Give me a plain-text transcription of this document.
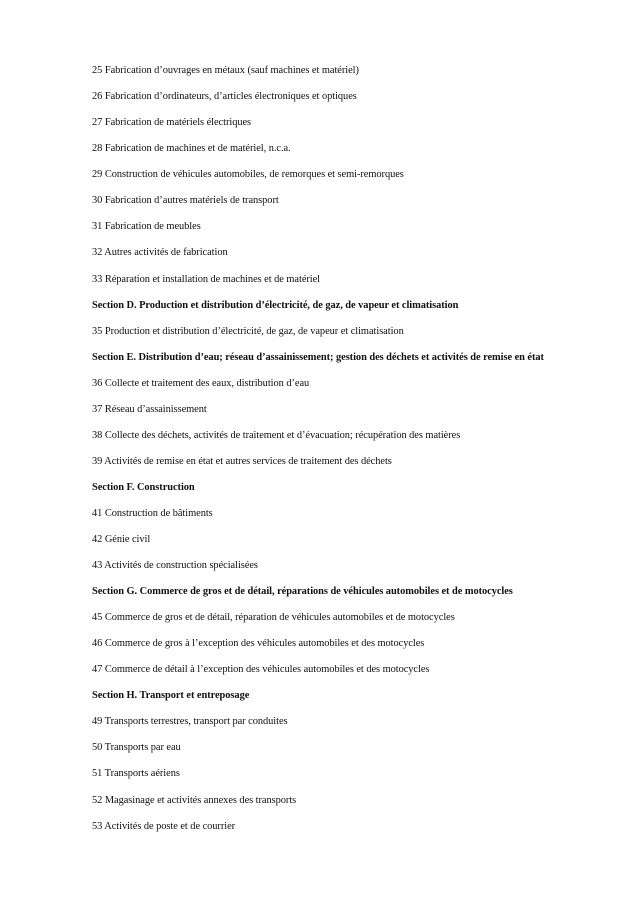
25 Fabrication d’ouvrages en métaux (sauf machines et matériel)
26 Fabrication d’ordinateurs, d’articles électroniques et optiques
27 Fabrication de matériels électriques
28 Fabrication de machines et de matériel, n.c.a.
29 Construction de véhicules automobiles, de remorques et semi-remorques
30 Fabrication d’autres matériels de transport
31 Fabrication de meubles
32 Autres activités de fabrication
33 Réparation et installation de machines et de matériel
Section D. Production et distribution d’électricité, de gaz, de vapeur et climatisation
35 Production et distribution d’électricité, de gaz, de vapeur et climatisation
Section E. Distribution d’eau; réseau d’assainissement; gestion des déchets et activités de remise en état
36 Collecte et traitement des eaux, distribution d’eau
37 Réseau d’assainissement
38 Collecte des déchets, activités de traitement et d’évacuation; récupération des matières
39 Activités de remise en état et autres services de traitement des déchets
Section F. Construction
41 Construction de bâtiments
42 Génie civil
43 Activités de construction spécialisées
Section G. Commerce de gros et de détail, réparations de véhicules automobiles et de motocycles
45 Commerce de gros et de détail, réparation de véhicules automobiles et de motocycles
46 Commerce de gros à l’exception des véhicules automobiles et des motocycles
47 Commerce de détail à l’exception des véhicules automobiles et des motocycles
Section H. Transport et entreposage
49 Transports terrestres, transport par conduites
50 Transports par eau
51 Transports aériens
52 Magasinage et activités annexes des transports
53 Activités de poste et de courrier
